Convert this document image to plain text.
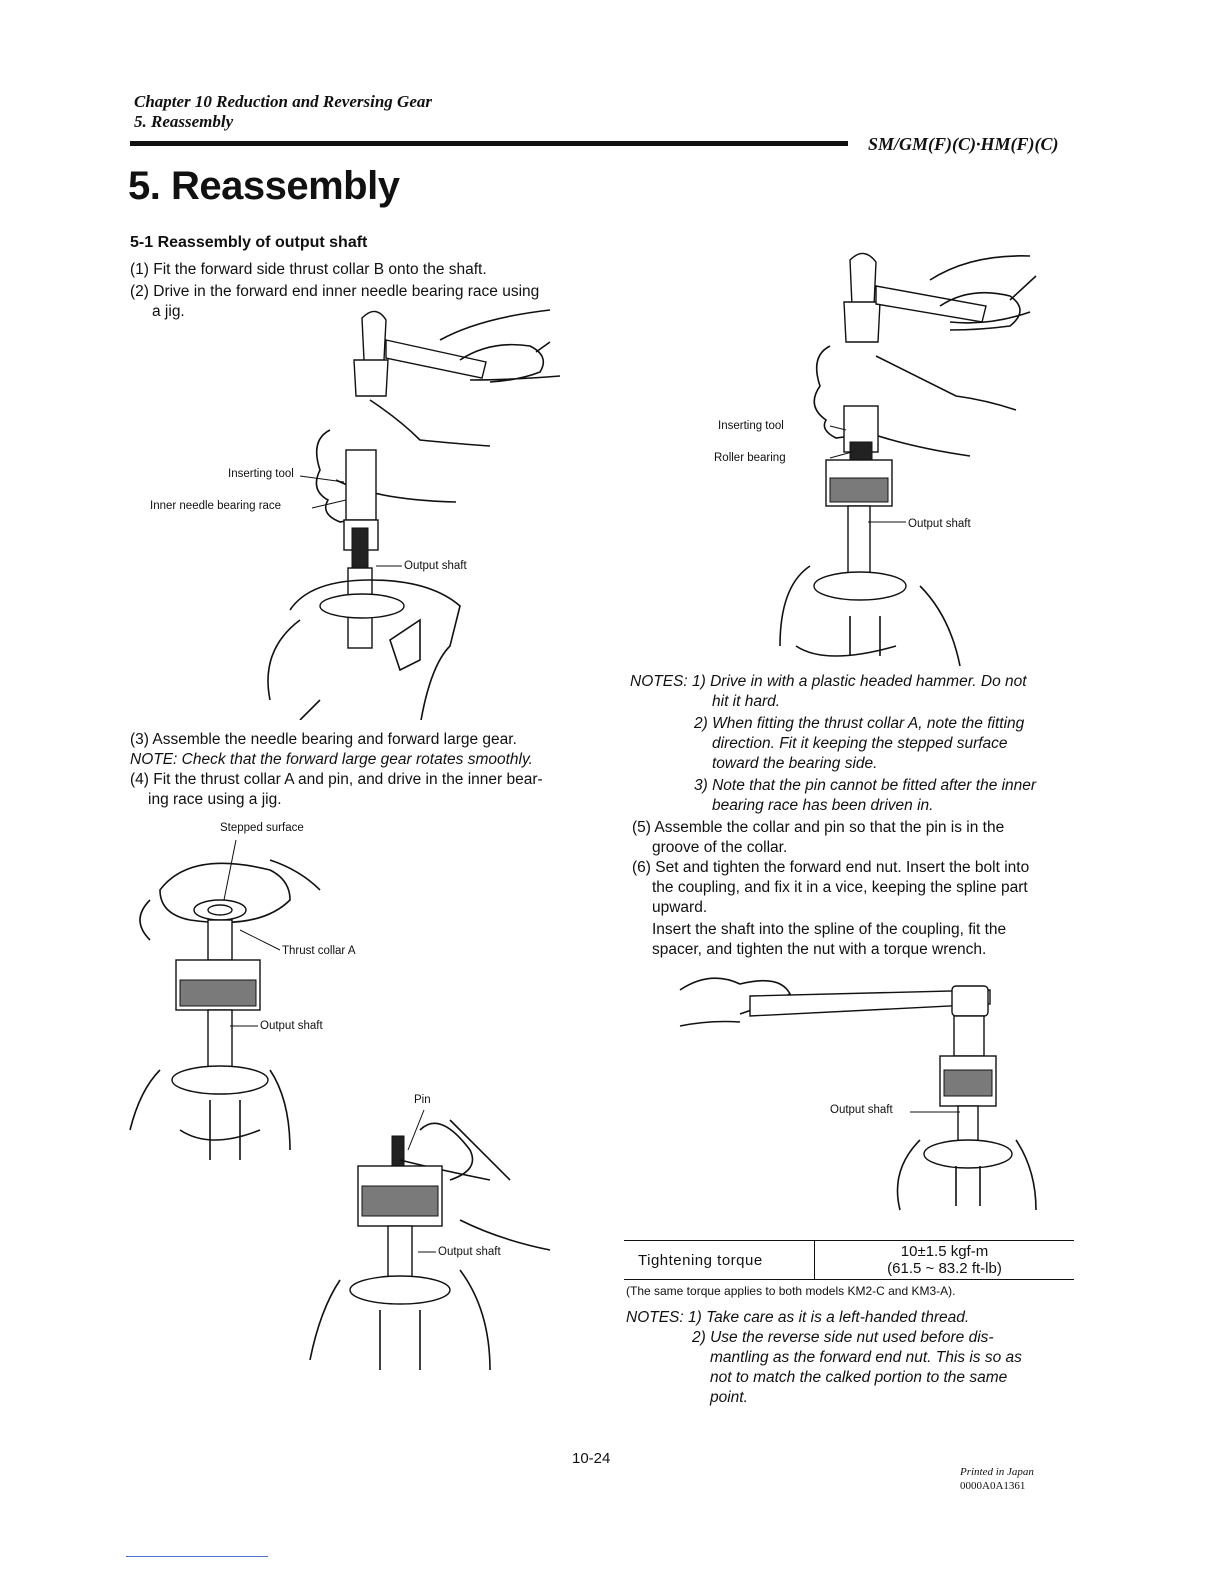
Chapter 10 Reduction and Reversing Gear
5. Reassembly
SM/GM(F)(C)·HM(F)(C)
5. Reassembly
5-1 Reassembly of output shaft
(1) Fit the forward side thrust collar B onto the shaft.
(2) Drive in the forward end inner needle bearing race using
a jig.
Inserting tool
Inner needle bearing race
Output shaft
(3) Assemble the needle bearing and forward large gear.
NOTE: Check that the forward large gear rotates smoothly.
(4) Fit the thrust collar A and pin, and drive in the inner bear-
ing race using a jig.
Stepped surface
Thrust collar A
Output shaft
Pin
Output shaft
Inserting tool
Roller bearing
Output shaft
NOTES: 1) Drive in with a plastic headed hammer. Do not
hit it hard.
2) When fitting the thrust collar A, note the fitting
direction. Fit it keeping the stepped surface
toward the bearing side.
3) Note that the pin cannot be fitted after the inner
bearing race has been driven in.
(5) Assemble the collar and pin so that the pin is in the
groove of the collar.
(6) Set and tighten the forward end nut. Insert the bolt into
the coupling, and fix it in a vice, keeping the spline part
upward.
Insert the shaft into the spline of the coupling, fit the
spacer, and tighten the nut with a torque wrench.
Output shaft
Tightening torque	10±1.5 kgf-m
(61.5 ~ 83.2 ft-lb)
(The same torque applies to both models KM2-C and KM3-A).
NOTES: 1) Take care as it is a left-handed thread.
2) Use the reverse side nut used before dis-
mantling as the forward end nut. This is so as
not to match the calked portion to the same
point.
10-24
Printed in Japan
0000A0A1361
